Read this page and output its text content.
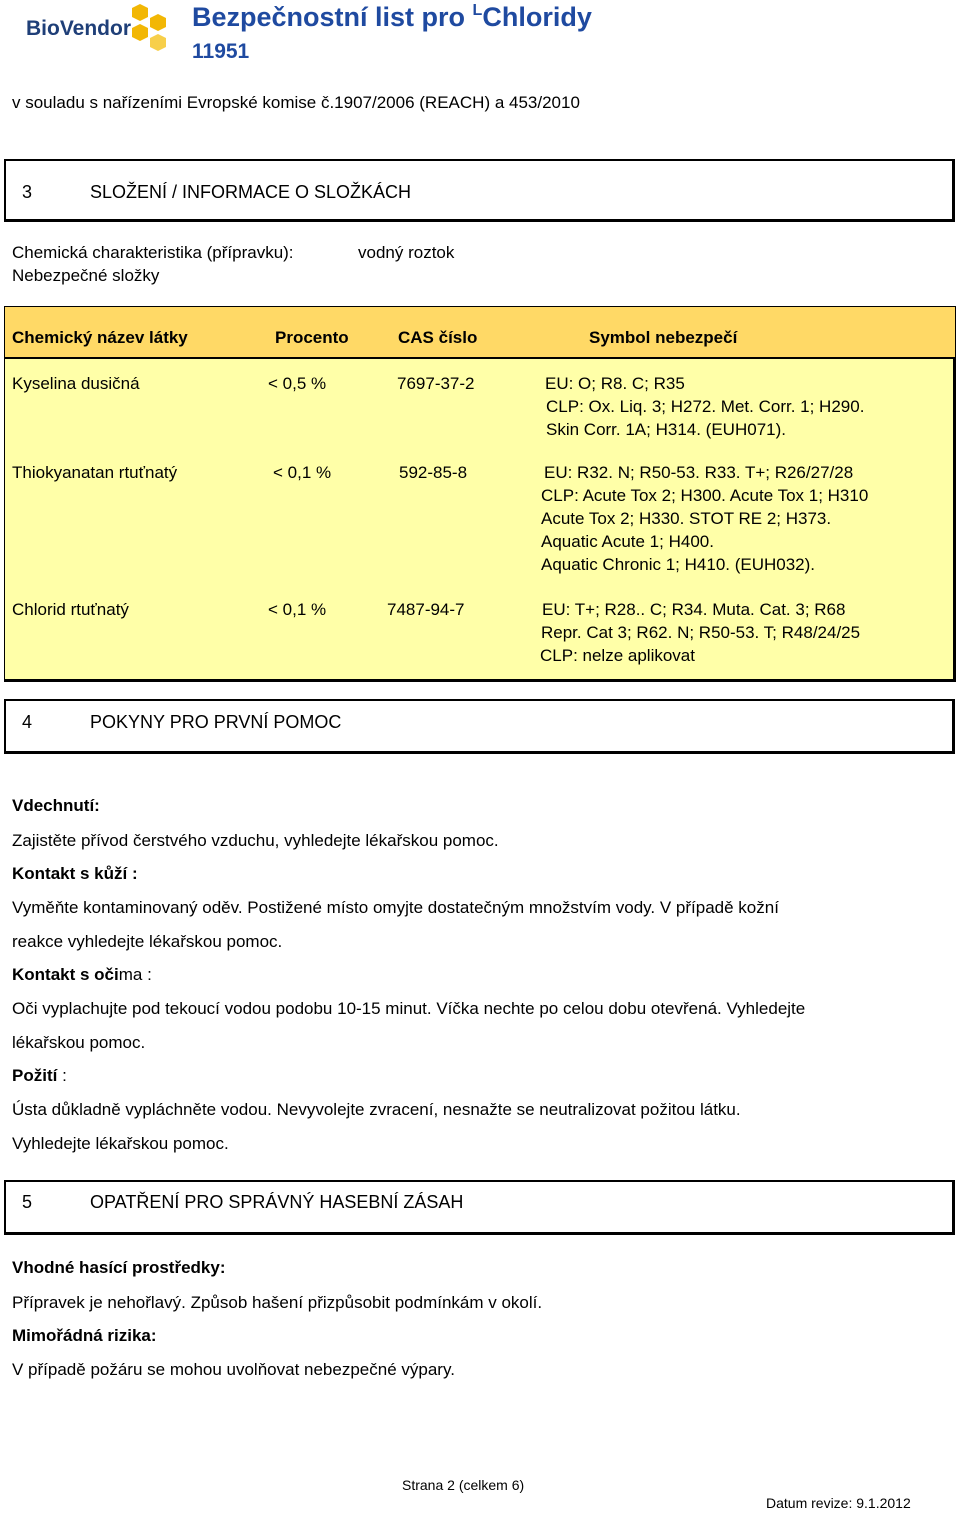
BioVendor Bezpečnostní list pro $^L$Chloridy
11951
v souladu s nařízeními Evropské komise č.1907/2006 (REACH) a 453/2010
3	SLOŽENÍ / INFORMACE O SLOŽKÁCH
Chemická charakteristika (přípravku):	vodný roztok
Nebezpečné složky
Chemický název látky	Procento	CAS číslo	Symbol nebezpečí
Kyselina dusičná	< 0,5 %	7697-37-2	EU: O; R8. C; R35
CLP: Ox. Liq. 3; H272. Met. Corr. 1; H290.
Skin Corr. 1A; H314. (EUH071).
Thiokyanatan rtuťnatý	< 0,1 %	592-85-8	EU: R32. N; R50-53. R33. T+; R26/27/28
CLP: Acute Tox 2; H300. Acute Tox 1; H310
Acute Tox 2; H330. STOT RE 2; H373.
Aquatic Acute 1; H400.
Aquatic Chronic 1; H410. (EUH032).
Chlorid rtuťnatý	< 0,1 %	7487-94-7	EU: T+; R28.. C; R34. Muta. Cat. 3; R68
Repr. Cat 3; R62. N; R50-53. T; R48/24/25
CLP: nelze aplikovat
4	POKYNY PRO PRVNÍ POMOC
Vdechnutí:
Zajistěte přívod čerstvého vzduchu, vyhledejte lékařskou pomoc.
Kontakt s kůží :
Vyměňte kontaminovaný oděv. Postižené místo omyjte dostatečným množstvím vody. V případě kožní
reakce vyhledejte lékařskou pomoc.
Kontakt s očima :
Oči vyplachujte pod tekoucí vodou podobu 10-15 minut. Víčka nechte po celou dobu otevřená. Vyhledejte
lékařskou pomoc.
Požití :
Ústa důkladně vypláchněte vodou. Nevyvolejte zvracení, nesnažte se neutralizovat požitou látku.
Vyhledejte lékařskou pomoc.
5	OPATŘENÍ PRO SPRÁVNÝ HASEBNÍ ZÁSAH
Vhodné hasící prostředky:
Přípravek je nehořlavý. Způsob hašení přizpůsobit podmínkám v okolí.
Mimořádná rizika:
V případě požáru se mohou uvolňovat nebezpečné výpary.
Strana 2 (celkem 6)
Datum revize: 9.1.2012
